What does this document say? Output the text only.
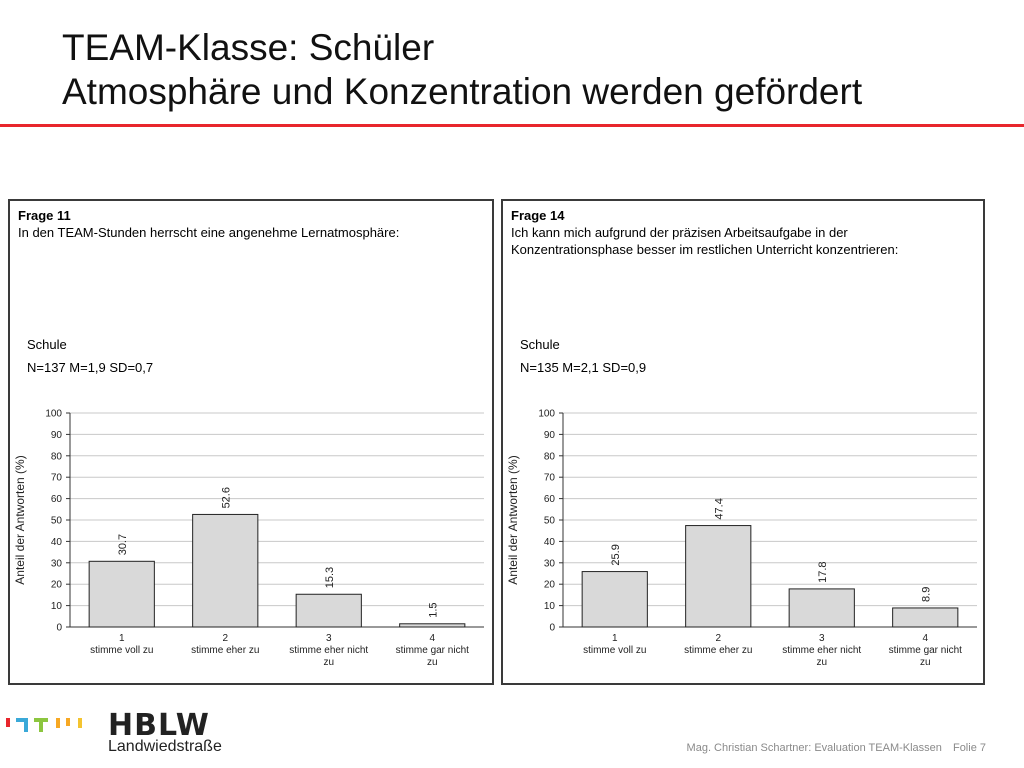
TEAM-Klasse: Schüler
Atmosphäre und Konzentration werden gefördert
Frage 11
In den TEAM-Stunden herrscht eine angenehme Lernatmosphäre:
Schule
N=137 M=1,9 SD=0,7
0
10
20
30
40
50
60
70
80
90
100
Anteil der Antworten (%)	30.7
1
stimme voll zu
52.6
2
stimme eher zu
15.3
3
stimme eher nicht
zu
1.5
4
stimme gar nicht
zu
Frage 14
Ich kann mich aufgrund der präzisen Arbeitsaufgabe in der
Konzentrationsphase besser im restlichen Unterricht konzentrieren:
Schule
N=135 M=2,1 SD=0,9
0
10
20
30
40
50
60
70
80
90
100
Anteil der Antworten (%)	25.9
1
stimme voll zu
47.4
2
stimme eher zu
17.8
3
stimme eher nicht
zu
8.9
4
stimme gar nicht
zu
HBLW
Landwiedstraße	Mag. Christian Schartner: Evaluation TEAM-Klassen Folie 7
